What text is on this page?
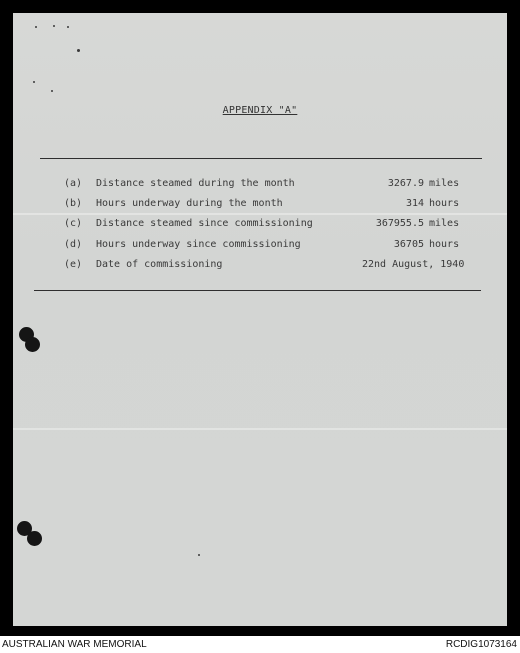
APPENDIX "A"
(a) Distance steamed during the month	3267.9 miles
(b) Hours underway during the month	314 hours
(c) Distance steamed since commissioning	367955.5 miles
(d) Hours underway since commissioning	36705 hours
(e) Date of commissioning	22nd August, 1940
AUSTRALIAN WAR MEMORIAL	RCDIG1073164
